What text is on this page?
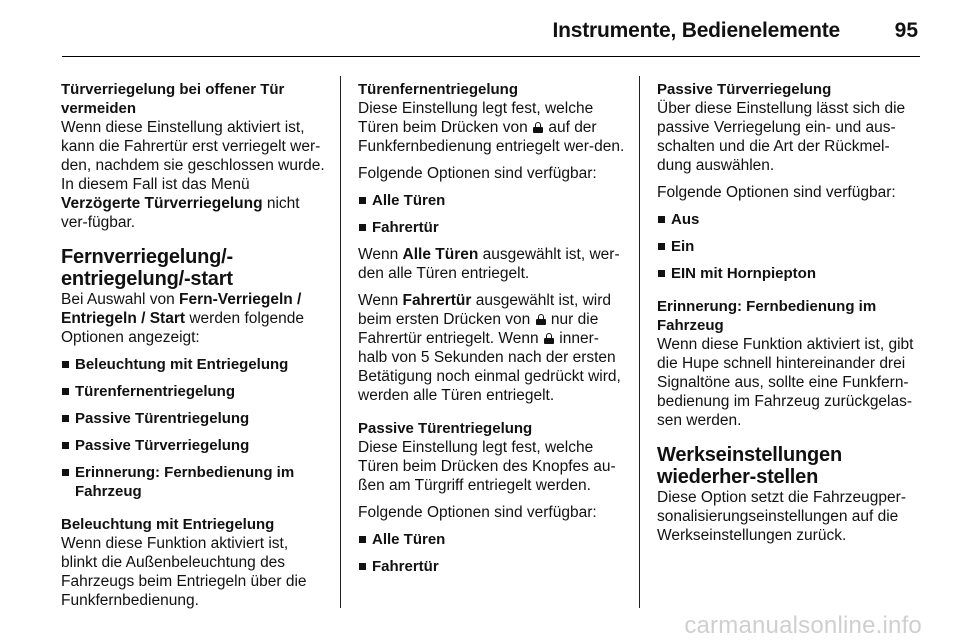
Instrumente, Bedienelemente	95

Türverriegelung bei offener Tür vermeiden

Wenn diese Einstellung aktiviert ist, kann die Fahrertür erst verriegelt wer-den, nachdem sie geschlossen wurde. In diesem Fall ist das Menü Verzögerte Türverriegelung nicht ver-fügbar.

Fernverriegelung/-entriegelung/-start

Bei Auswahl von Fern-Verriegeln / Entriegeln / Start werden folgende Optionen angezeigt:

Beleuchtung mit Entriegelung
Türenfernentriegelung
Passive Türentriegelung
Passive Türverriegelung
Erinnerung: Fernbedienung im Fahrzeug

Beleuchtung mit Entriegelung

Wenn diese Funktion aktiviert ist, blinkt die Außenbeleuchtung des Fahrzeugs beim Entriegeln über die Funkfernbedienung.

Türenfernentriegelung

Diese Einstellung legt fest, welche Türen beim Drücken von  auf der Funkfernbedienung entriegelt wer-den.

Folgende Optionen sind verfügbar:

Alle Türen
Fahrertür

Wenn Alle Türen ausgewählt ist, wer-den alle Türen entriegelt.

Wenn Fahrertür ausgewählt ist, wird beim ersten Drücken von  nur die Fahrertür entriegelt. Wenn  inner-halb von 5 Sekunden nach der ersten Betätigung noch einmal gedrückt wird, werden alle Türen entriegelt.

Passive Türentriegelung

Diese Einstellung legt fest, welche Türen beim Drücken des Knopfes au-ßen am Türgriff entriegelt werden.

Folgende Optionen sind verfügbar:

Alle Türen
Fahrertür

Passive Türverriegelung

Über diese Einstellung lässt sich die passive Verriegelung ein- und aus-schalten und die Art der Rückmel-dung auswählen.

Folgende Optionen sind verfügbar:

Aus
Ein
EIN mit Hornpiepton

Erinnerung: Fernbedienung im Fahrzeug

Wenn diese Funktion aktiviert ist, gibt die Hupe schnell hintereinander drei Signaltöne aus, sollte eine Funkfern-bedienung im Fahrzeug zurückgelas-sen werden.

Werkseinstellungen wiederher-stellen

Diese Option setzt die Fahrzeugper-sonalisierungseinstellungen auf die Werkseinstellungen zurück.

carmanualsonline.info
